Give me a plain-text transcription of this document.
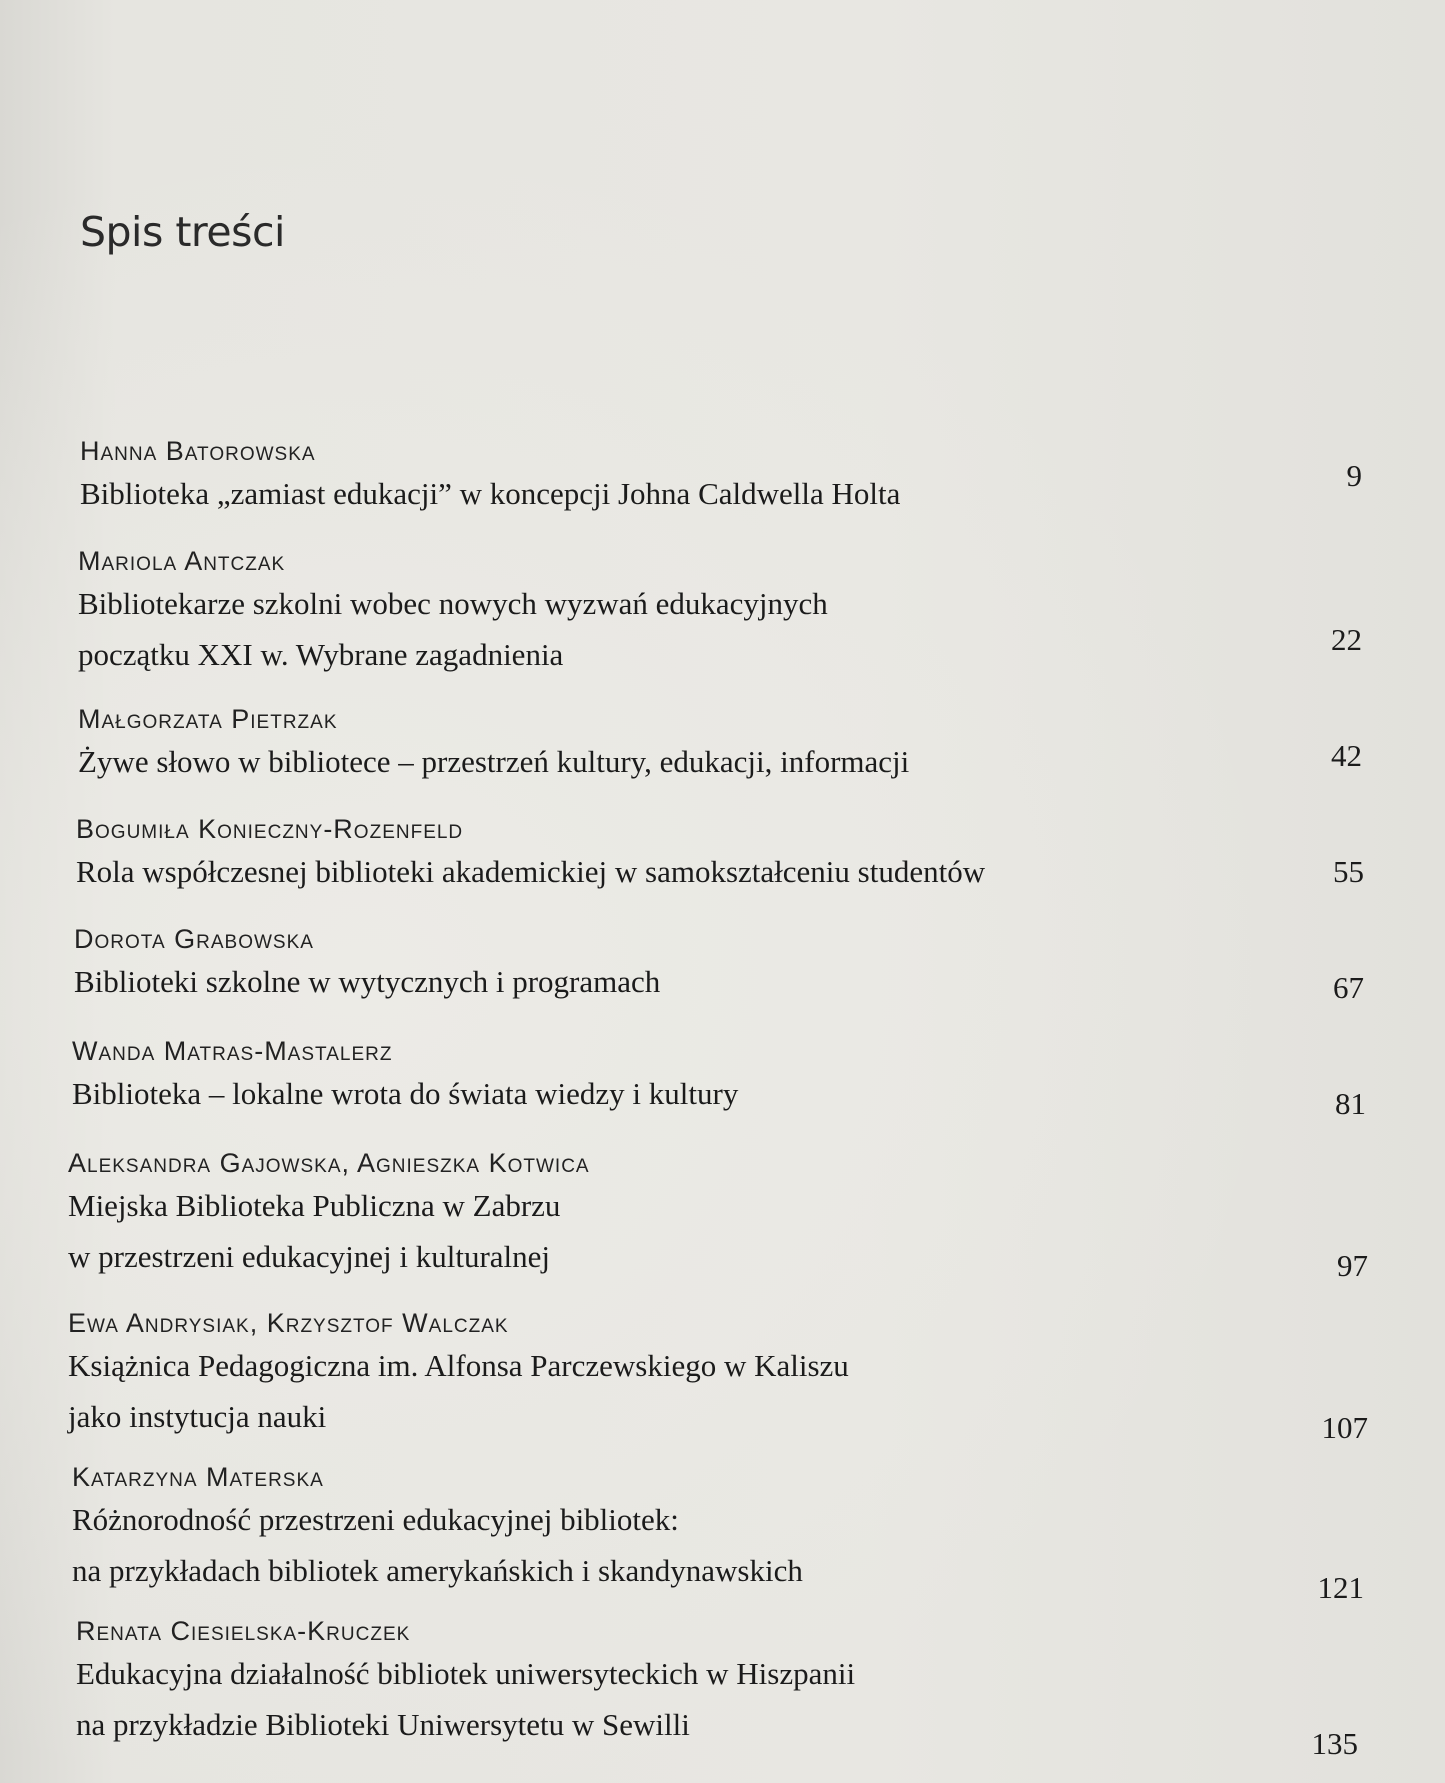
Spis treści
Hanna Batorowska
Biblioteka „zamiast edukacji” w koncepcji Johna Caldwella Holta
9
Mariola Antczak
Bibliotekarze szkolni wobec nowych wyzwań edukacyjnych
początku XXI w. Wybrane zagadnienia	22
Małgorzata Pietrzak
Żywe słowo w bibliotece – przestrzeń kultury, edukacji, informacji	42
Bogumiła Konieczny-Rozenfeld
Rola współczesnej biblioteki akademickiej w samokształceniu studentów	55
Dorota Grabowska
Biblioteki szkolne w wytycznych i programach	67
Wanda Matras-Mastalerz
Biblioteka – lokalne wrota do świata wiedzy i kultury	81
Aleksandra Gajowska, Agnieszka Kotwica
Miejska Biblioteka Publiczna w Zabrzu
w przestrzeni edukacyjnej i kulturalnej	97
Ewa Andrysiak, Krzysztof Walczak
Książnica Pedagogiczna im. Alfonsa Parczewskiego w Kaliszu
jako instytucja nauki	107
Katarzyna Materska
Różnorodność przestrzeni edukacyjnej bibliotek:
na przykładach bibliotek amerykańskich i skandynawskich	121
Renata Ciesielska-Kruczek
Edukacyjna działalność bibliotek uniwersyteckich w Hiszpanii
na przykładzie Biblioteki Uniwersytetu w Sewilli
135
